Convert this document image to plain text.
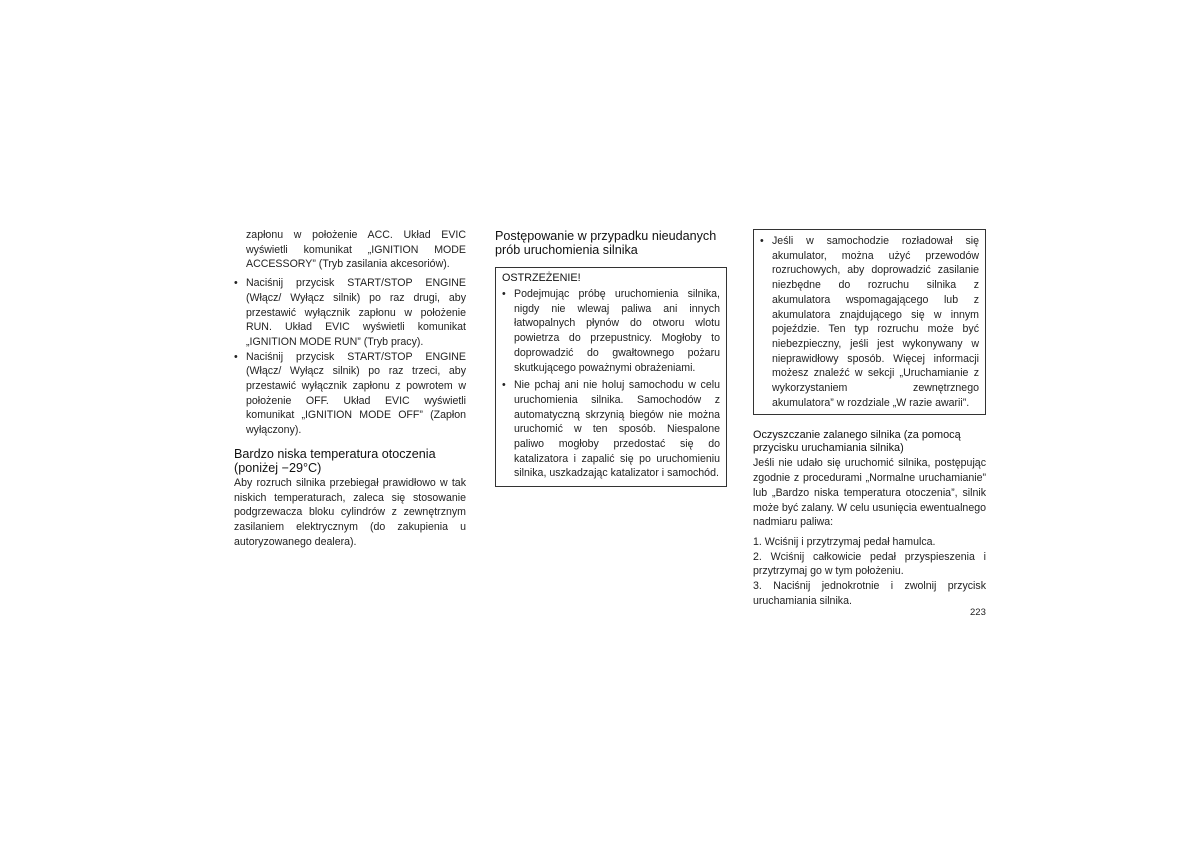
zapłonu w położenie ACC. Układ EVIC wyświetli komunikat „IGNITION MODE ACCESSORY” (Tryb zasilania akcesoriów).

• Naciśnij przycisk START/STOP ENGINE (Włącz/ Wyłącz silnik) po raz drugi, aby przestawić wyłącznik zapłonu w położenie RUN. Układ EVIC wyświetli komunikat „IGNITION MODE RUN” (Tryb pracy).

• Naciśnij przycisk START/STOP ENGINE (Włącz/ Wyłącz silnik) po raz trzeci, aby przestawić wyłącznik zapłonu z powrotem w położenie OFF. Układ EVIC wyświetli komunikat „IGNITION MODE OFF” (Zapłon wyłączony).

Bardzo niska temperatura otoczenia (poniżej −29°C)

Aby rozruch silnika przebiegał prawidłowo w tak niskich temperaturach, zaleca się stosowanie podgrzewacza bloku cylindrów z zewnętrznym zasilaniem elektrycznym (do zakupienia u autoryzowanego dealera).

Postępowanie w przypadku nieudanych prób uruchomienia silnika

OSTRZEŻENIE!

• Podejmując próbę uruchomienia silnika, nigdy nie wlewaj paliwa ani innych łatwopalnych płynów do otworu wlotu powietrza do przepustnicy. Mogłoby to doprowadzić do gwałtownego pożaru skutkującego poważnymi obrażeniami.

• Nie pchaj ani nie holuj samochodu w celu uruchomienia silnika. Samochodów z automatyczną skrzynią biegów nie można uruchomić w ten sposób. Niespalone paliwo mogłoby przedostać się do katalizatora i zapalić się po uruchomieniu silnika, uszkadzając katalizator i samochód.

• Jeśli w samochodzie rozładował się akumulator, można użyć przewodów rozruchowych, aby doprowadzić zasilanie niezbędne do rozruchu silnika z akumulatora wspomagającego lub z akumulatora znajdującego się w innym pojeździe. Ten typ rozruchu może być niebezpieczny, jeśli jest wykonywany w nieprawidłowy sposób. Więcej informacji możesz znaleźć w sekcji „Uruchamianie z wykorzystaniem zewnętrznego akumulatora” w rozdziale „W razie awarii”.

Oczyszczanie zalanego silnika (za pomocą przycisku uruchamiania silnika)

Jeśli nie udało się uruchomić silnika, postępując zgodnie z procedurami „Normalne uruchamianie” lub „Bardzo niska temperatura otoczenia”, silnik może być zalany. W celu usunięcia ewentualnego nadmiaru paliwa:

1. Wciśnij i przytrzymaj pedał hamulca.

2. Wciśnij całkowicie pedał przyspieszenia i przytrzymaj go w tym położeniu.

3. Naciśnij jednokrotnie i zwolnij przycisk uruchamiania silnika.

223
